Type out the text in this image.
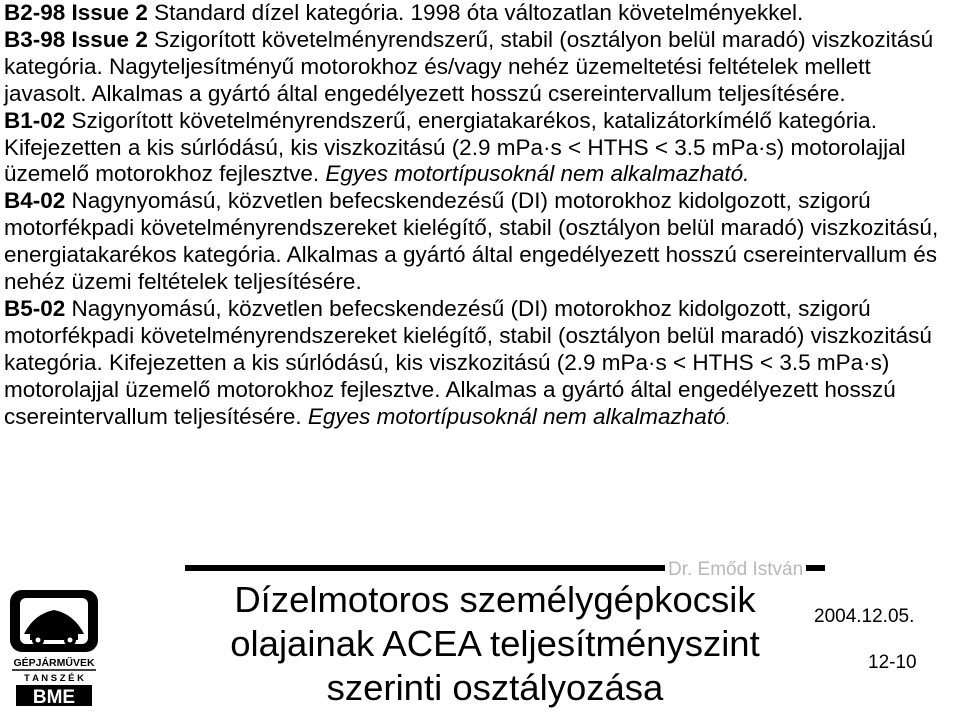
B2-98 Issue 2 Standard dízel kategória. 1998 óta változatlan követelményekkel.

B3-98 Issue 2 Szigorított követelményrendszerű, stabil (osztályon belül maradó) viszkozitású kategória. Nagyteljesítményű motorokhoz és/vagy nehéz üzemeltetési feltételek mellett javasolt. Alkalmas a gyártó által engedélyezett hosszú csereintervallum teljesítésére.

B1-02 Szigorított követelményrendszerű, energiatakarékos, katalizátorkímélő kategória. Kifejezetten a kis súrlódású, kis viszkozitású (2.9 mPa·s < HTHS < 3.5 mPa·s) motorolajjal üzemelő motorokhoz fejlesztve. Egyes motortípusoknál nem alkalmazható.

B4-02 Nagynyomású, közvetlen befecskendezésű (DI) motorokhoz kidolgozott, szigorú motorfékpadi követelményrendszereket kielégítő, stabil (osztályon belül maradó) viszkozitású, energiatakarékos kategória. Alkalmas a gyártó által engedélyezett hosszú csereintervallum és nehéz üzemi feltételek teljesítésére.

B5-02 Nagynyomású, közvetlen befecskendezésű (DI) motorokhoz kidolgozott, szigorú motorfékpadi követelményrendszereket kielégítő, stabil (osztályon belül maradó) viszkozitású kategória. Kifejezetten a kis súrlódású, kis viszkozitású (2.9 mPa·s < HTHS < 3.5 mPa·s) motorolajjal üzemelő motorokhoz fejlesztve. Alkalmas a gyártó által engedélyezett hosszú csereintervallum teljesítésére. Egyes motortípusoknál nem alkalmazható.

Dr. Emőd István
GÉPJÁRMŰVEK
T A N S Z É K
BME
Dízelmotoros személygépkocsik
olajainak ACEA teljesítményszint
szerinti osztályozása
2004.12.05.
12-10
